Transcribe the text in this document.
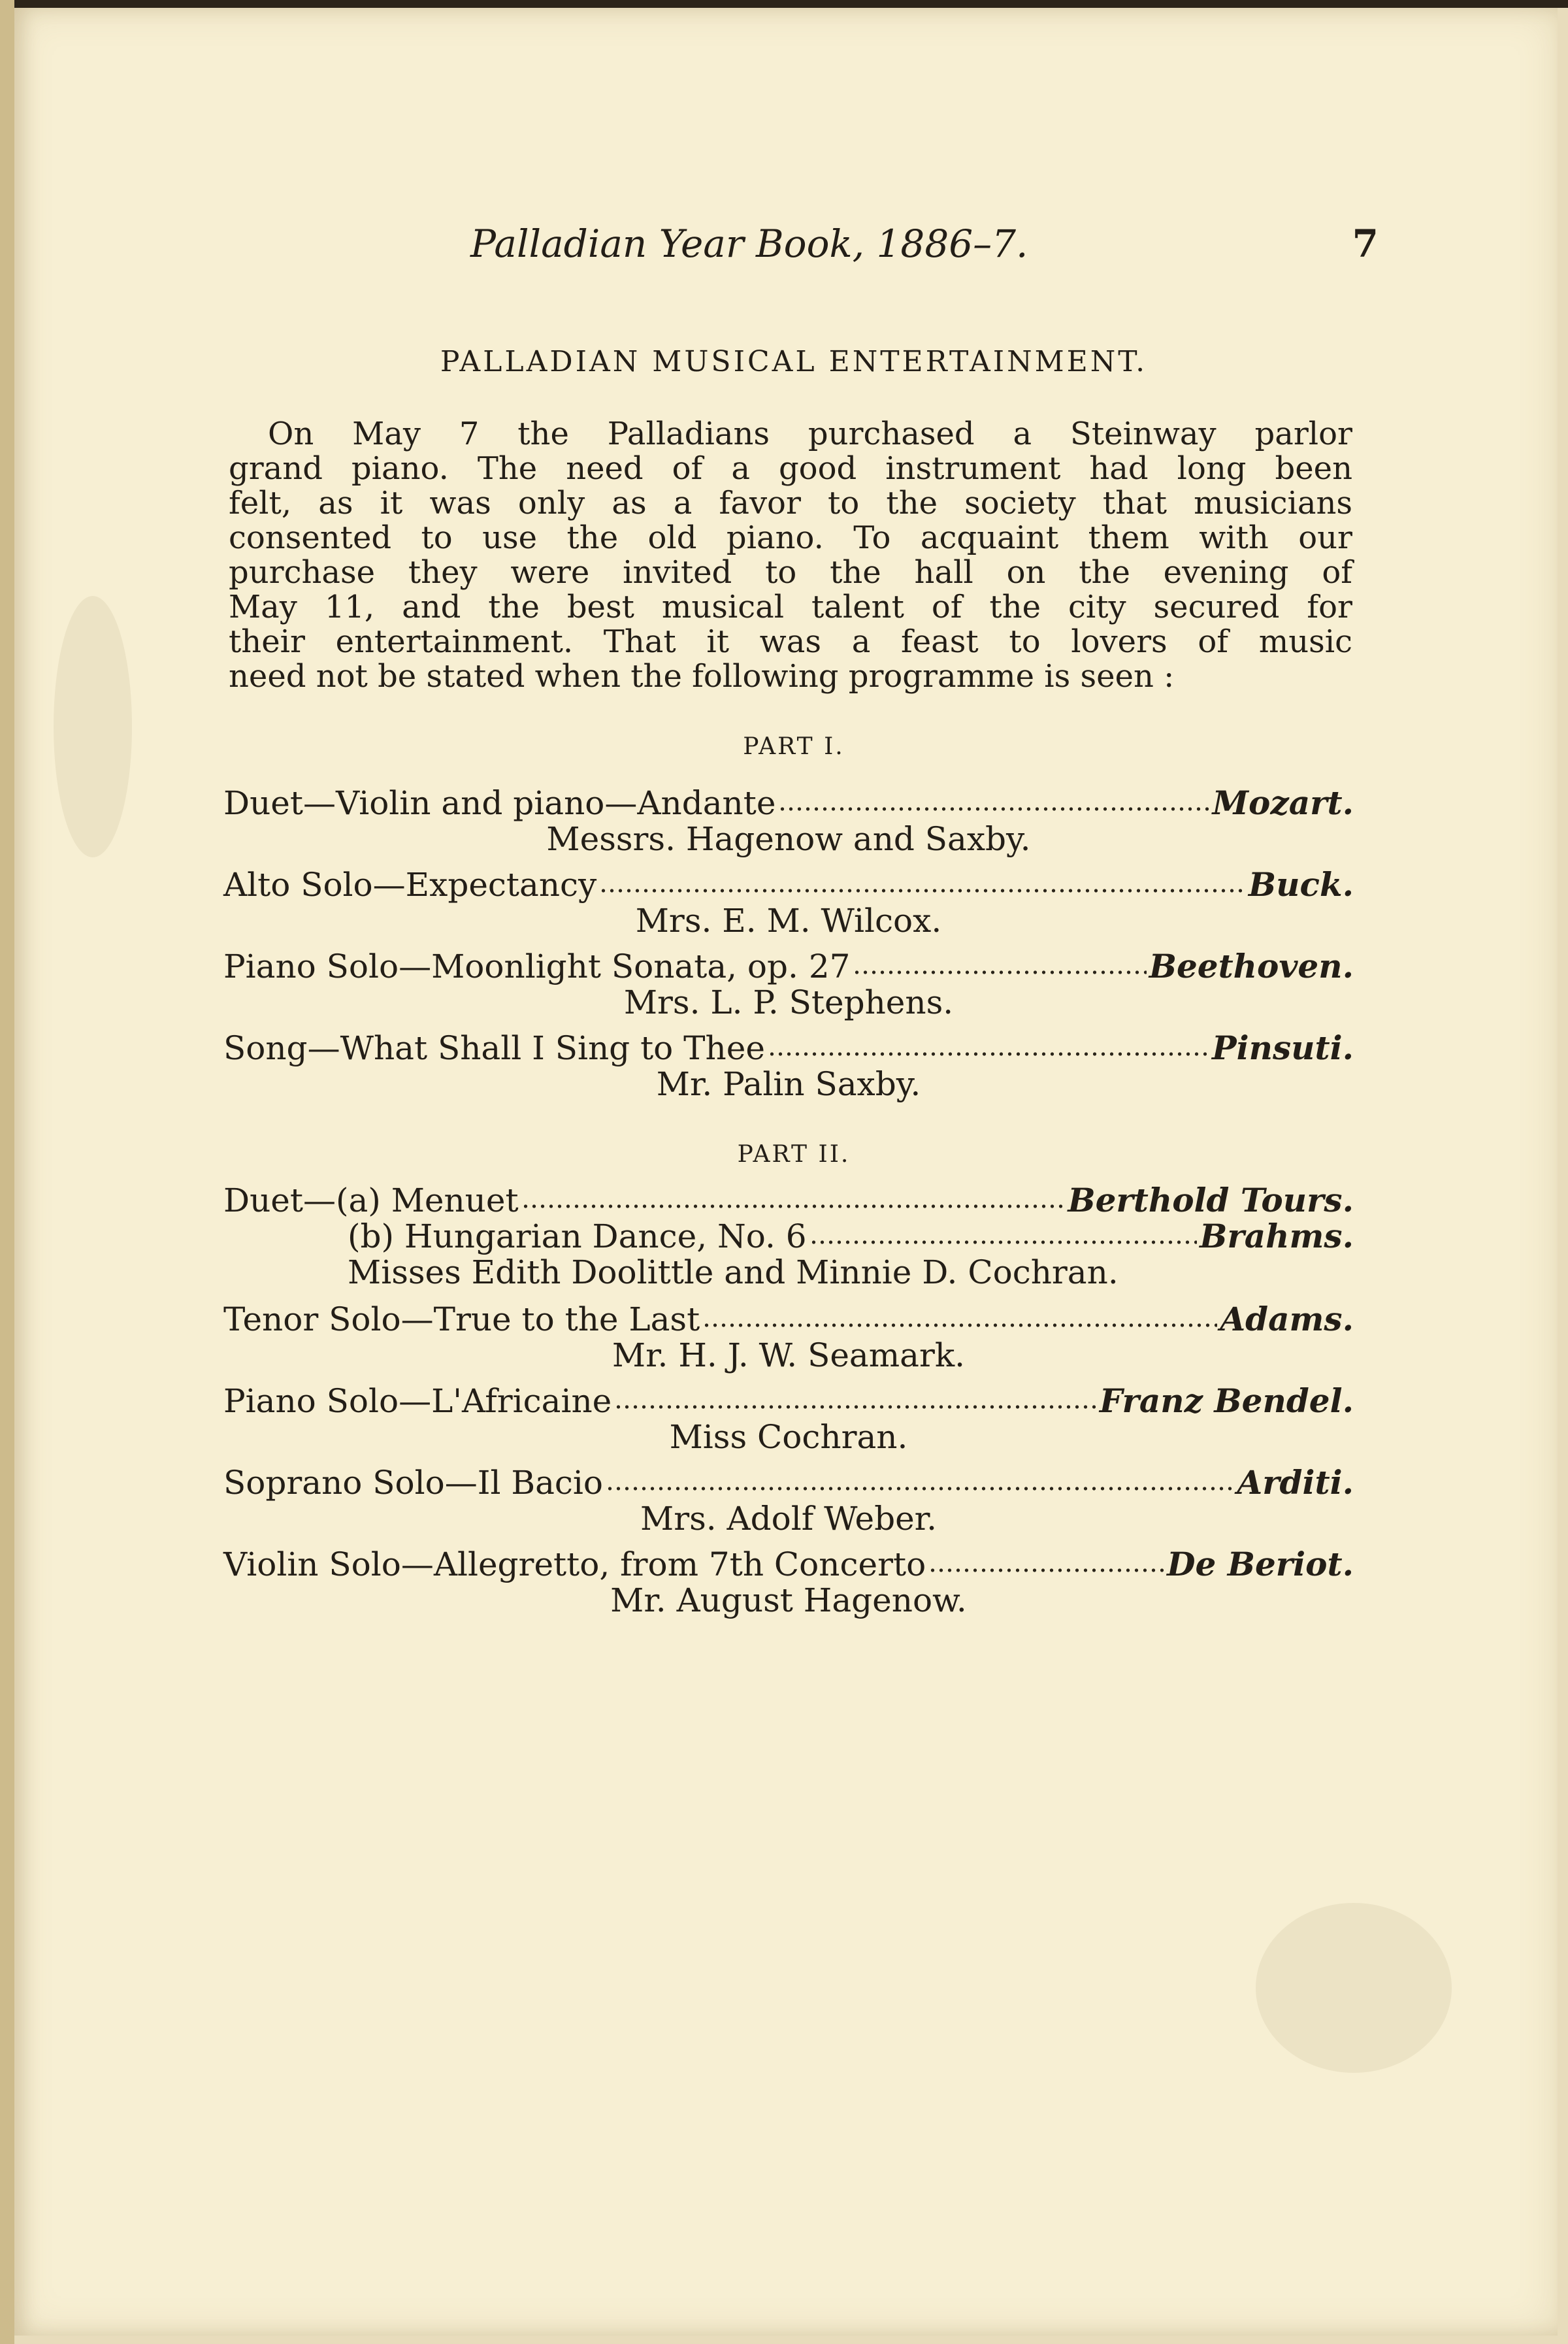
Palladian Year Book, 1886–7.	7
PALLADIAN MUSICAL ENTERTAINMENT.
On May 7 the Palladians purchased a Steinway parlor
grand piano. The need of a good instrument had long been
felt, as it was only as a favor to the society that musicians
consented to use the old piano. To acquaint them with our
purchase they were invited to the hall on the evening of
May 11, and the best musical talent of the city secured for
their entertainment. That it was a feast to lovers of music
need not be stated when the following programme is seen :
PART I.
Duet—Violin and piano—Andante	Mozart.
Messrs. Hagenow and Saxby.
Alto Solo—Expectancy	Buck.
Mrs. E. M. Wilcox.
Piano Solo—Moonlight Sonata, op. 27	Beethoven.
Mrs. L. P. Stephens.
Song—What Shall I Sing to Thee	Pinsuti.
Mr. Palin Saxby.
PART II.
Duet—(a) Menuet	Berthold Tours.
(b) Hungarian Dance, No. 6	Brahms.
Misses Edith Doolittle and Minnie D. Cochran.
Tenor Solo—True to the Last	Adams.
Mr. H. J. W. Seamark.
Piano Solo—L'Africaine	Franz Bendel.
Miss Cochran.
Soprano Solo—Il Bacio	Arditi.
Mrs. Adolf Weber.
Violin Solo—Allegretto, from 7th Concerto	De Beriot.
Mr. August Hagenow.
